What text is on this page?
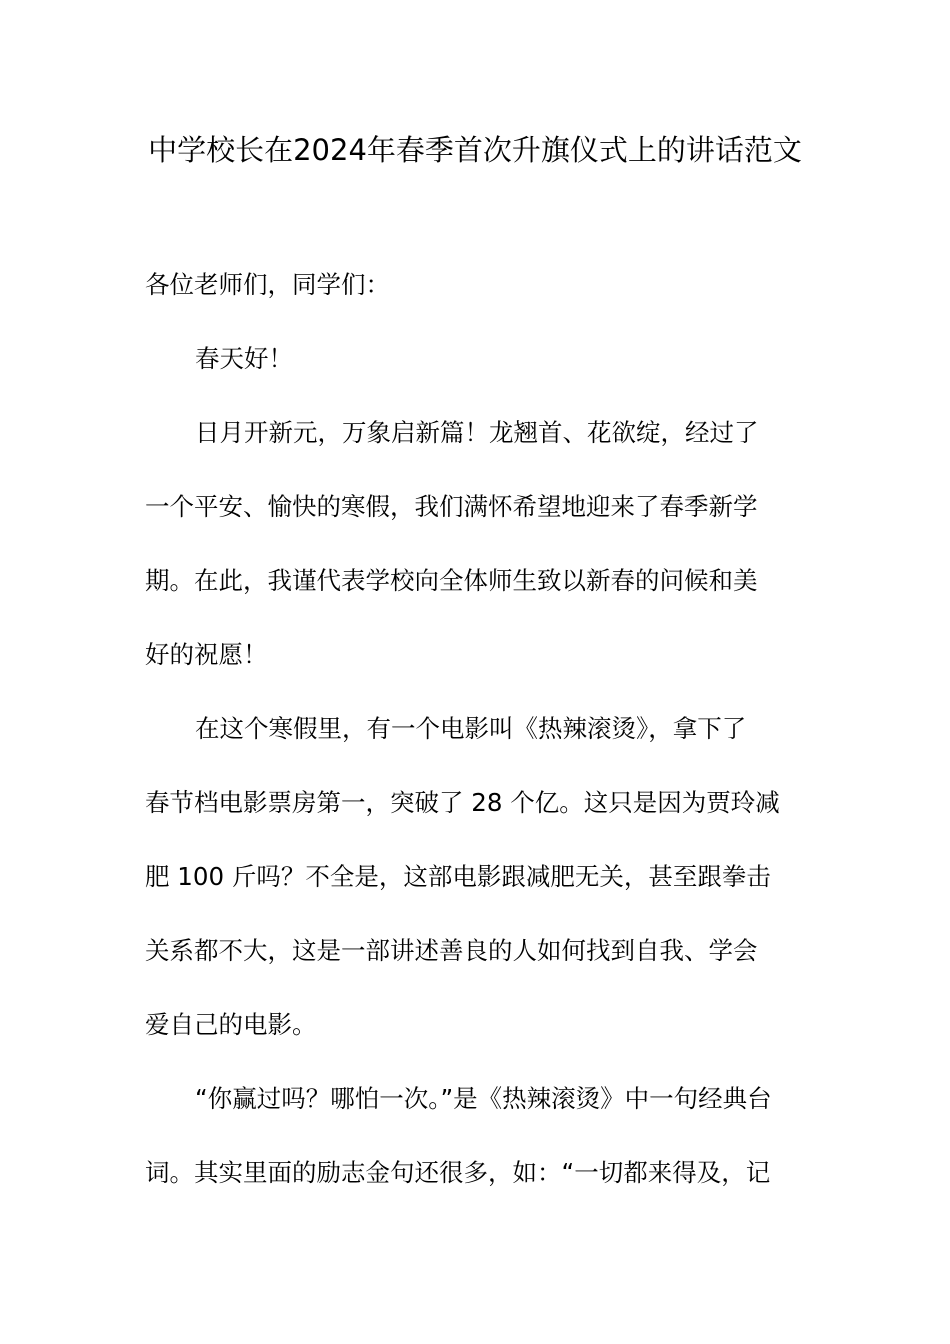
中学校长在2024年春季首次升旗仪式上的讲话范文

各位老师们，同学们：

春天好！

日月开新元，万象启新篇！龙翘首、花欲绽，经过了
一个平安、愉快的寒假，我们满怀希望地迎来了春季新学
期。在此，我谨代表学校向全体师生致以新春的问候和美
好的祝愿！

在这个寒假里，有一个电影叫《热辣滚烫》，拿下了
春节档电影票房第一，突破了 28 个亿。这只是因为贾玲减
肥 100 斤吗？不全是，这部电影跟减肥无关，甚至跟拳击
关系都不大，这是一部讲述善良的人如何找到自我、学会
爱自己的电影。

“你赢过吗？哪怕一次。”是《热辣滚烫》中一句经典台
词。其实里面的励志金句还很多，如：“一切都来得及，记
